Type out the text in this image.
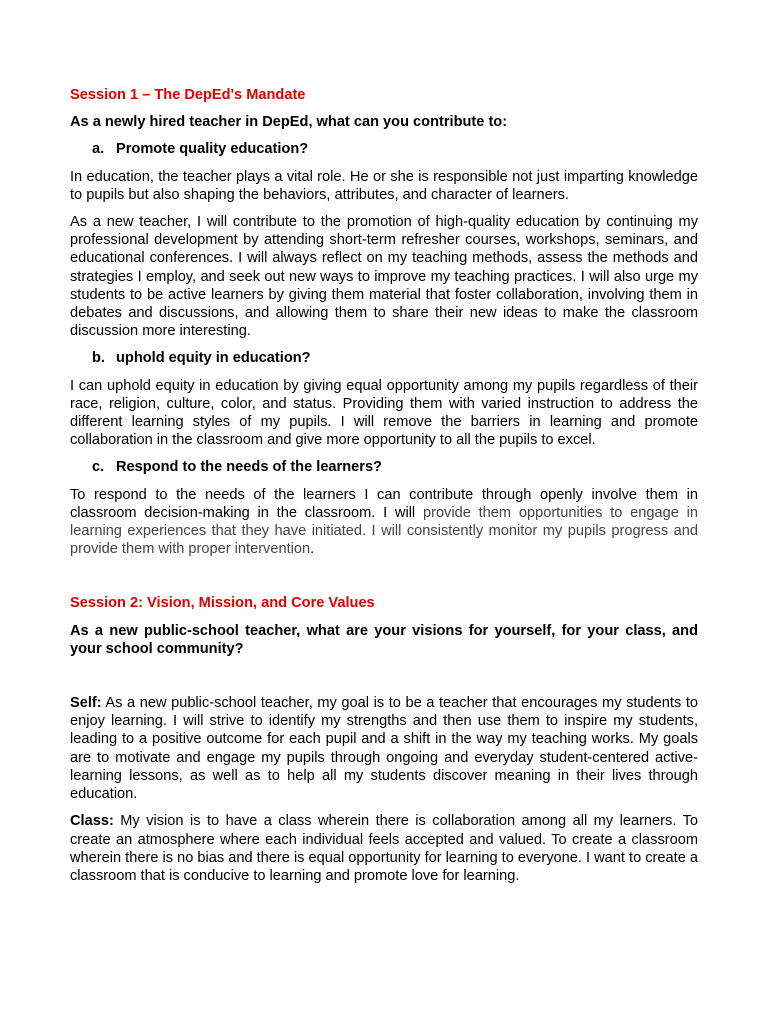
Session 1 – The DepEd's Mandate
As a newly hired teacher in DepEd, what can you contribute to:
a. Promote quality education?

In education, the teacher plays a vital role. He or she is responsible not just imparting knowledge to pupils but also shaping the behaviors, attributes, and character of learners.

As a new teacher, I will contribute to the promotion of high-quality education by continuing my professional development by attending short-term refresher courses, workshops, seminars, and educational conferences. I will always reflect on my teaching methods, assess the methods and strategies I employ, and seek out new ways to improve my teaching practices. I will also urge my students to be active learners by giving them material that foster collaboration, involving them in debates and discussions, and allowing them to share their new ideas to make the classroom discussion more interesting.

b. uphold equity in education?

I can uphold equity in education by giving equal opportunity among my pupils regardless of their race, religion, culture, color, and status. Providing them with varied instruction to address the different learning styles of my pupils. I will remove the barriers in learning and promote collaboration in the classroom and give more opportunity to all the pupils to excel.

c. Respond to the needs of the learners?

To respond to the needs of the learners I can contribute through openly involve them in classroom decision-making in the classroom. I will provide them opportunities to engage in learning experiences that they have initiated. I will consistently monitor my pupils progress and provide them with proper intervention.

Session 2: Vision, Mission, and Core Values
As a new public-school teacher, what are your visions for yourself, for your class, and your school community?

Self: As a new public-school teacher, my goal is to be a teacher that encourages my students to enjoy learning. I will strive to identify my strengths and then use them to inspire my students, leading to a positive outcome for each pupil and a shift in the way my teaching works. My goals are to motivate and engage my pupils through ongoing and everyday student-centered active-learning lessons, as well as to help all my students discover meaning in their lives through education.

Class: My vision is to have a class wherein there is collaboration among all my learners. To create an atmosphere where each individual feels accepted and valued. To create a classroom wherein there is no bias and there is equal opportunity for learning to everyone. I want to create a classroom that is conducive to learning and promote love for learning.
